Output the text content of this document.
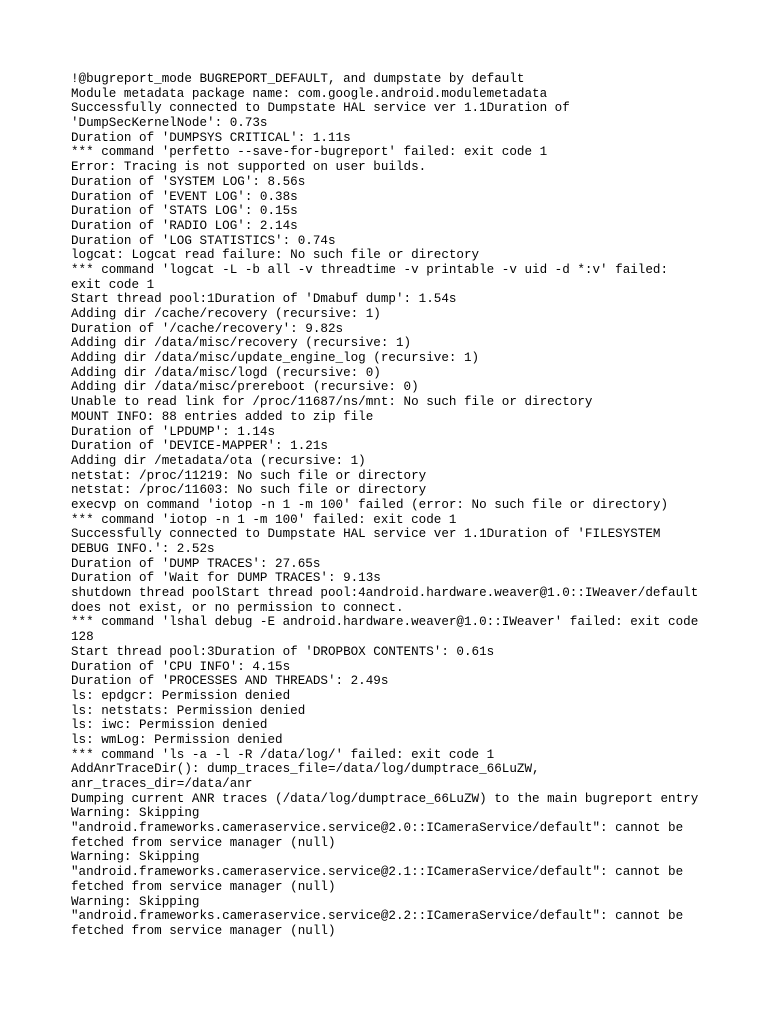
!@bugreport_mode BUGREPORT_DEFAULT, and dumpstate by default
Module metadata package name: com.google.android.modulemetadata
Successfully connected to Dumpstate HAL service ver 1.1Duration of
'DumpSecKernelNode': 0.73s
Duration of 'DUMPSYS CRITICAL': 1.11s
*** command 'perfetto --save-for-bugreport' failed: exit code 1
Error: Tracing is not supported on user builds.
Duration of 'SYSTEM LOG': 8.56s
Duration of 'EVENT LOG': 0.38s
Duration of 'STATS LOG': 0.15s
Duration of 'RADIO LOG': 2.14s
Duration of 'LOG STATISTICS': 0.74s
logcat: Logcat read failure: No such file or directory
*** command 'logcat -L -b all -v threadtime -v printable -v uid -d *:v' failed:
exit code 1
Start thread pool:1Duration of 'Dmabuf dump': 1.54s
Adding dir /cache/recovery (recursive: 1)
Duration of '/cache/recovery': 9.82s
Adding dir /data/misc/recovery (recursive: 1)
Adding dir /data/misc/update_engine_log (recursive: 1)
Adding dir /data/misc/logd (recursive: 0)
Adding dir /data/misc/prereboot (recursive: 0)
Unable to read link for /proc/11687/ns/mnt: No such file or directory
MOUNT INFO: 88 entries added to zip file
Duration of 'LPDUMP': 1.14s
Duration of 'DEVICE-MAPPER': 1.21s
Adding dir /metadata/ota (recursive: 1)
netstat: /proc/11219: No such file or directory
netstat: /proc/11603: No such file or directory
execvp on command 'iotop -n 1 -m 100' failed (error: No such file or directory)
*** command 'iotop -n 1 -m 100' failed: exit code 1
Successfully connected to Dumpstate HAL service ver 1.1Duration of 'FILESYSTEM
DEBUG INFO.': 2.52s
Duration of 'DUMP TRACES': 27.65s
Duration of 'Wait for DUMP TRACES': 9.13s
shutdown thread poolStart thread pool:4android.hardware.weaver@1.0::IWeaver/default
does not exist, or no permission to connect.
*** command 'lshal debug -E android.hardware.weaver@1.0::IWeaver' failed: exit code
128
Start thread pool:3Duration of 'DROPBOX CONTENTS': 0.61s
Duration of 'CPU INFO': 4.15s
Duration of 'PROCESSES AND THREADS': 2.49s
ls: epdgcr: Permission denied
ls: netstats: Permission denied
ls: iwc: Permission denied
ls: wmLog: Permission denied
*** command 'ls -a -l -R /data/log/' failed: exit code 1
AddAnrTraceDir(): dump_traces_file=/data/log/dumptrace_66LuZW,
anr_traces_dir=/data/anr
Dumping current ANR traces (/data/log/dumptrace_66LuZW) to the main bugreport entry
Warning: Skipping
"android.frameworks.cameraservice.service@2.0::ICameraService/default": cannot be
fetched from service manager (null)
Warning: Skipping
"android.frameworks.cameraservice.service@2.1::ICameraService/default": cannot be
fetched from service manager (null)
Warning: Skipping
"android.frameworks.cameraservice.service@2.2::ICameraService/default": cannot be
fetched from service manager (null)
